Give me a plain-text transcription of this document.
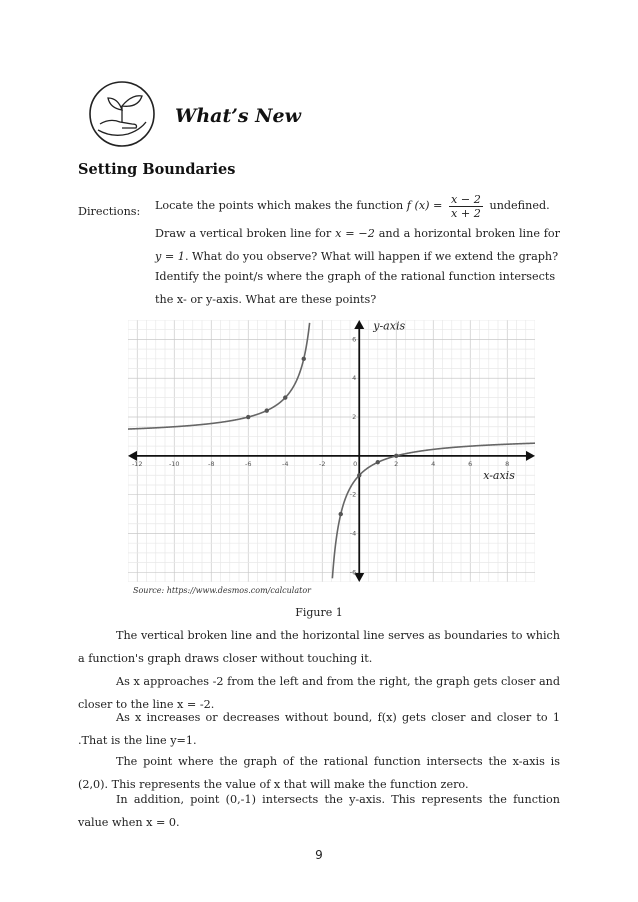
What’s New
Setting Boundaries
Directions: Locate the points which makes the function f $(x) = \frac{x - 2}{x + 2}$ undefined.
Draw a vertical broken line for x = −2 and a horizontal broken line for y = 1. What do you observe? What will happen if we extend the graph?
Identify the point/s where the graph of the rational function intersects the x- or y-axis. What are these points?
-12	-10	-8	-6	-4	-2	0	2	4	6	8
-6
-4
-2
2
4
6
y-axis
x-axis
Source: https://www.desmos.com/calculator
Figure 1
The vertical broken line and the horizontal line serves as boundaries to which a function's graph draws closer without touching it.
As x approaches -2 from the left and from the right, the graph gets closer and closer to the line x = -2.
As x increases or decreases without bound, f(x) gets closer and closer to 1 .That is the line y=1.
The point where the graph of the rational function intersects the x-axis is (2,0). This represents the value of x that will make the function zero.
In addition, point (0,-1) intersects the y-axis. This represents the function value when x = 0.
9
